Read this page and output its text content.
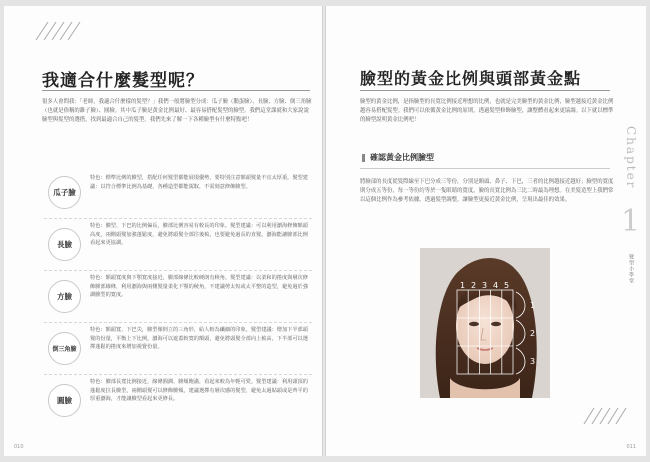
我適合什麼髮型呢？
很多人會問我：「老師，我適合什麼樣的髮型？」我們一般將臉型分成：瓜子臉（鵝蛋臉）、長臉、方臉、倒三角臉（也就是俗稱的錐子臉）、圓臉。其中瓜子臉是黃金比例最好、最容易搭配髮型的臉型。我們這堂課就和大家說說臉型與髮型的選搭，找到最適合自己的髮型。我們先來了解一下各種臉型有什麼特點吧！
瓜子臉
特色：標準比例的臉型，搭配任何髮型都能展現優勢，要特別注意額頭髮量不宜太厚重。髮型建議：以符合標準比例為基礎，各種造型都能駕馭，不需刻意修飾臉型。
長臉
特色：臉型、下巴的比例偏長，臉部比例容易有較長的印象。髮型建議：可以利用瀏海修飾額頭高度，兩側頭髮加強蓬鬆度，避免將頭髮全部往後梳，也要避免過長的直髮。瀏海能讓臉部比例看起來更協調。
方臉
特色：額頭寬度與下顎寬度接近，臉部線條比較硬朗有稜角。髮型建議：以柔和的捲度與層次修飾臉部線條，利用瀏海與兩側髮量柔化下顎的稜角，不建議剪太短或太平整的造型，避免過於強調臉型的寬度。
倒三角臉
特色：額頭寬、下巴尖，臉型像倒立的三角形，給人較為纖細的印象。髮型建議：增加下半部頭髮的份量，平衡上下比例，瀏海可以遮蓋較寬的額頭，避免將頭髮全部向上梳高，下半部可以選擇蓬鬆的捲度來增加視覺份量。
圓臉
特色：臉部長寬比例接近，線條圓潤、臉頰飽滿，看起來較為年輕可愛。髮型建議：利用頭頂的蓬鬆度拉長臉型，兩側頭髮可以修飾臉頰，建議選擇有層次感的髮型，避免太過貼頭或是齊平的厚重瀏海，才能讓臉型看起來更修長。
010
臉型的黃金比例與頭部黃金點
臉型的黃金比例，是指臉型的長寬比例接近理想的比例，也就是完美臉型的黃金比例，臉型越接近黃金比例越容易搭配髮型。我們可以依循黃金比例的原則，透過髮型修飾臉型，讓整體看起來更協調。以下就以標準的臉型說明黃金比例吧！
確認黃金比例臉型
將臉部的長度從髮際線至下巴分成三等份，分別是額頭、鼻子、下巴，三者的比例越接近越好；臉型的寬度則分成五等份，每一等份約等於一隻眼睛的寬度，臉的長寬比例為三比二時最為理想。在美髮造型上我們常以這個比例作為參考依據，透過髮型調整，讓臉型更接近黃金比例，呈現出最佳的效果。
1 2 3 4 5
1
2
3
Chapter
1
髮型小學堂
011
